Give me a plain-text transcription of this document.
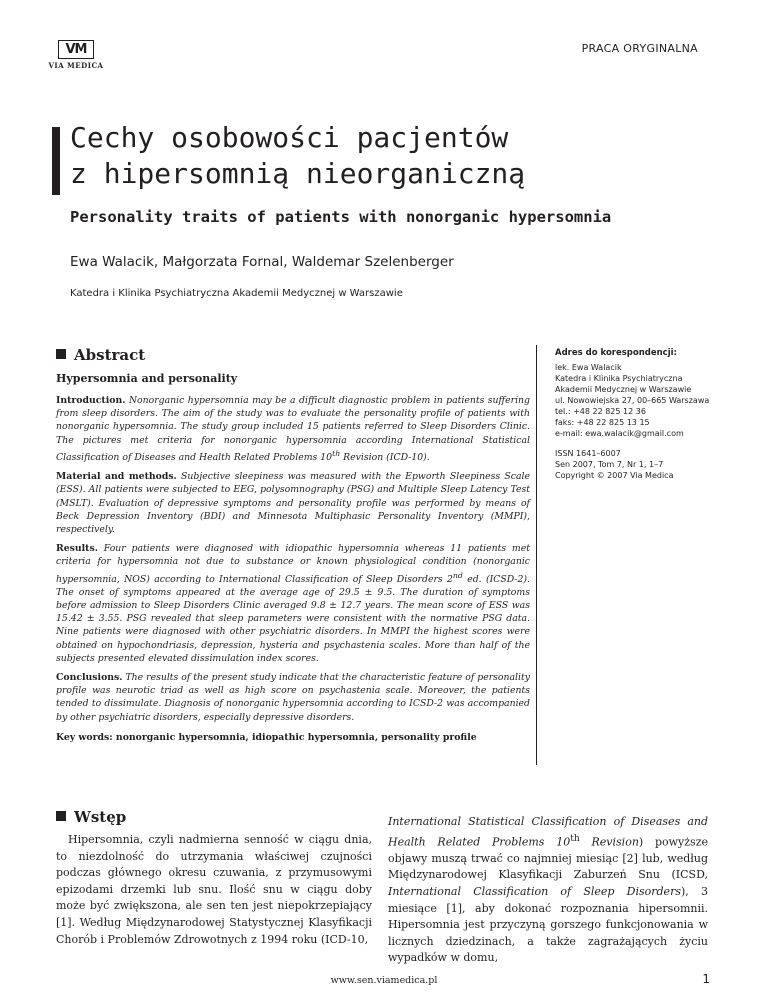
VM
VIA MEDICA
PRACA ORYGINALNA
Cechy osobowości pacjentów
z hipersomnią nieorganiczną
Personality traits of patients with nonorganic hypersomnia
Ewa Walacik, Małgorzata Fornal, Waldemar Szelenberger
Katedra i Klinika Psychiatryczna Akademii Medycznej w Warszawie
Abstract
Hypersomnia and personality

Introduction. Nonorganic hypersomnia may be a difficult diagnostic problem in patients suffering from sleep disorders. The aim of the study was to evaluate the personality profile of patients with nonorganic hypersomnia. The study group included 15 patients referred to Sleep Disorders Clinic. The pictures met criteria for nonorganic hypersomnia according International Statistical Classification of Diseases and Health Related Problems 10th Revision (ICD-10).

Material and methods. Subjective sleepiness was measured with the Epworth Sleepiness Scale (ESS). All patients were subjected to EEG, polysomnography (PSG) and Multiple Sleep Latency Test (MSLT). Evaluation of depressive symptoms and personality profile was performed by means of Beck Depression Inventory (BDI) and Minnesota Multiphasic Personality Inventory (MMPI), respectively.

Results. Four patients were diagnosed with idiopathic hypersomnia whereas 11 patients met criteria for hypersomnia not due to substance or known physiological condition (nonorganic hypersomnia, NOS) according to International Classification of Sleep Disorders 2nd ed. (ICSD-2). The onset of symptoms appeared at the average age of 29.5 ± 9.5. The duration of symptoms before admission to Sleep Disorders Clinic averaged 9.8 ± 12.7 years. The mean score of ESS was 15.42 ± 3.55. PSG revealed that sleep parameters were consistent with the normative PSG data. Nine patients were diagnosed with other psychiatric disorders. In MMPI the highest scores were obtained on hypochondriasis, depression, hysteria and psychastenia scales. More than half of the subjects presented elevated dissimulation index scores.

Conclusions. The results of the present study indicate that the characteristic feature of personality profile was neurotic triad as well as high score on psychastenia scale. Moreover, the patients tended to dissimulate. Diagnosis of nonorganic hypersomnia according to ICSD-2 was accompanied by other psychiatric disorders, especially depressive disorders.

Key words: nonorganic hypersomnia, idiopathic hypersomnia, personality profile
Adres do korespondencji:
lek. Ewa Walacik
Katedra i Klinika Psychiatryczna
Akademii Medycznej w Warszawie
ul. Nowowiejska 27, 00–665 Warszawa
tel.: +48 22 825 12 36
faks: +48 22 825 13 15
e-mail: ewa.walacik@gmail.com
ISSN 1641–6007
Sen 2007, Tom 7, Nr 1, 1–7
Copyright © 2007 Via Medica
Wstęp
Hipersomnia, czyli nadmierna senność w ciągu dnia, to niezdolność do utrzymania właściwej czujności podczas głównego okresu czuwania, z przymusowymi epizodami drzemki lub snu. Ilość snu w ciągu doby może być zwiększona, ale sen ten jest niepokrzepiający [1]. Według Międzynarodowej Statystycznej Klasyfikacji Chorób i Problemów Zdrowotnych z 1994 roku (ICD-10,
International Statistical Classification of Diseases and Health Related Problems 10th Revision) powyższe objawy muszą trwać co najmniej miesiąc [2] lub, według Międzynarodowej Klasyfikacji Zaburzeń Snu (ICSD, International Classification of Sleep Disorders), 3 miesiące [1], aby dokonać rozpoznania hipersomnii. Hipersomnia jest przyczyną gorszego funkcjonowania w licznych dziedzinach, a także zagrażających życiu wypadków w domu,
www.sen.viamedica.pl	1
